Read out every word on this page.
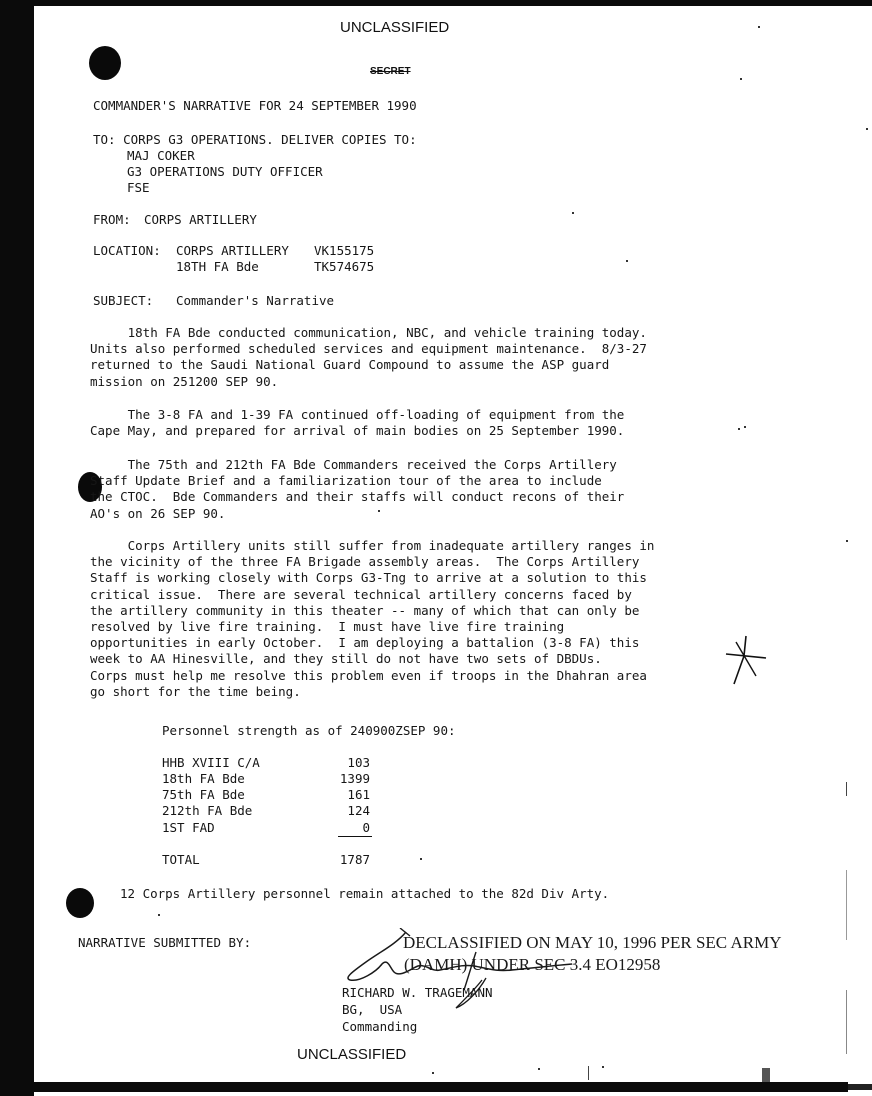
UNCLASSIFIED
SECRET
COMMANDER'S NARRATIVE FOR 24 SEPTEMBER 1990
TO: CORPS G3 OPERATIONS. DELIVER COPIES TO:
MAJ COKER
G3 OPERATIONS DUTY OFFICER
FSE
FROM: CORPS ARTILLERY
LOCATION: CORPS ARTILLERY VK155175
18TH FA Bde	TK574675
SUBJECT: Commander's Narrative
18th FA Bde conducted communication, NBC, and vehicle training today.
Units also performed scheduled services and equipment maintenance.  8/3-27
returned to the Saudi National Guard Compound to assume the ASP guard
mission on 251200 SEP 90.
The 3-8 FA and 1-39 FA continued off-loading of equipment from the
Cape May, and prepared for arrival of main bodies on 25 September 1990.
The 75th and 212th FA Bde Commanders received the Corps Artillery
Staff Update Brief and a familiarization tour of the area to include
the CTOC.  Bde Commanders and their staffs will conduct recons of their
AO's on 26 SEP 90.
Corps Artillery units still suffer from inadequate artillery ranges in
the vicinity of the three FA Brigade assembly areas.  The Corps Artillery
Staff is working closely with Corps G3-Tng to arrive at a solution to this
critical issue.  There are several technical artillery concerns faced by
the artillery community in this theater -- many of which that can only be
resolved by live fire training.  I must have live fire training
opportunities in early October.  I am deploying a battalion (3-8 FA) this
week to AA Hinesville, and they still do not have two sets of DBDUs.
Corps must help me resolve this problem even if troops in the Dhahran area
go short for the time being.
Personnel strength as of 240900ZSEP 90:
HHB XVIII C/A	103
18th FA Bde	1399
75th FA Bde	161
212th FA Bde	124
1ST FAD	0
TOTAL	1787
12 Corps Artillery personnel remain attached to the 82d Div Arty.
NARRATIVE SUBMITTED BY:	DECLASSIFIED ON MAY 10, 1996 PER SEC ARMY
(DAMH) UNDER SEC 3.4 EO12958
RICHARD W. TRAGEMANN
BG,  USA
Commanding
UNCLASSIFIED
